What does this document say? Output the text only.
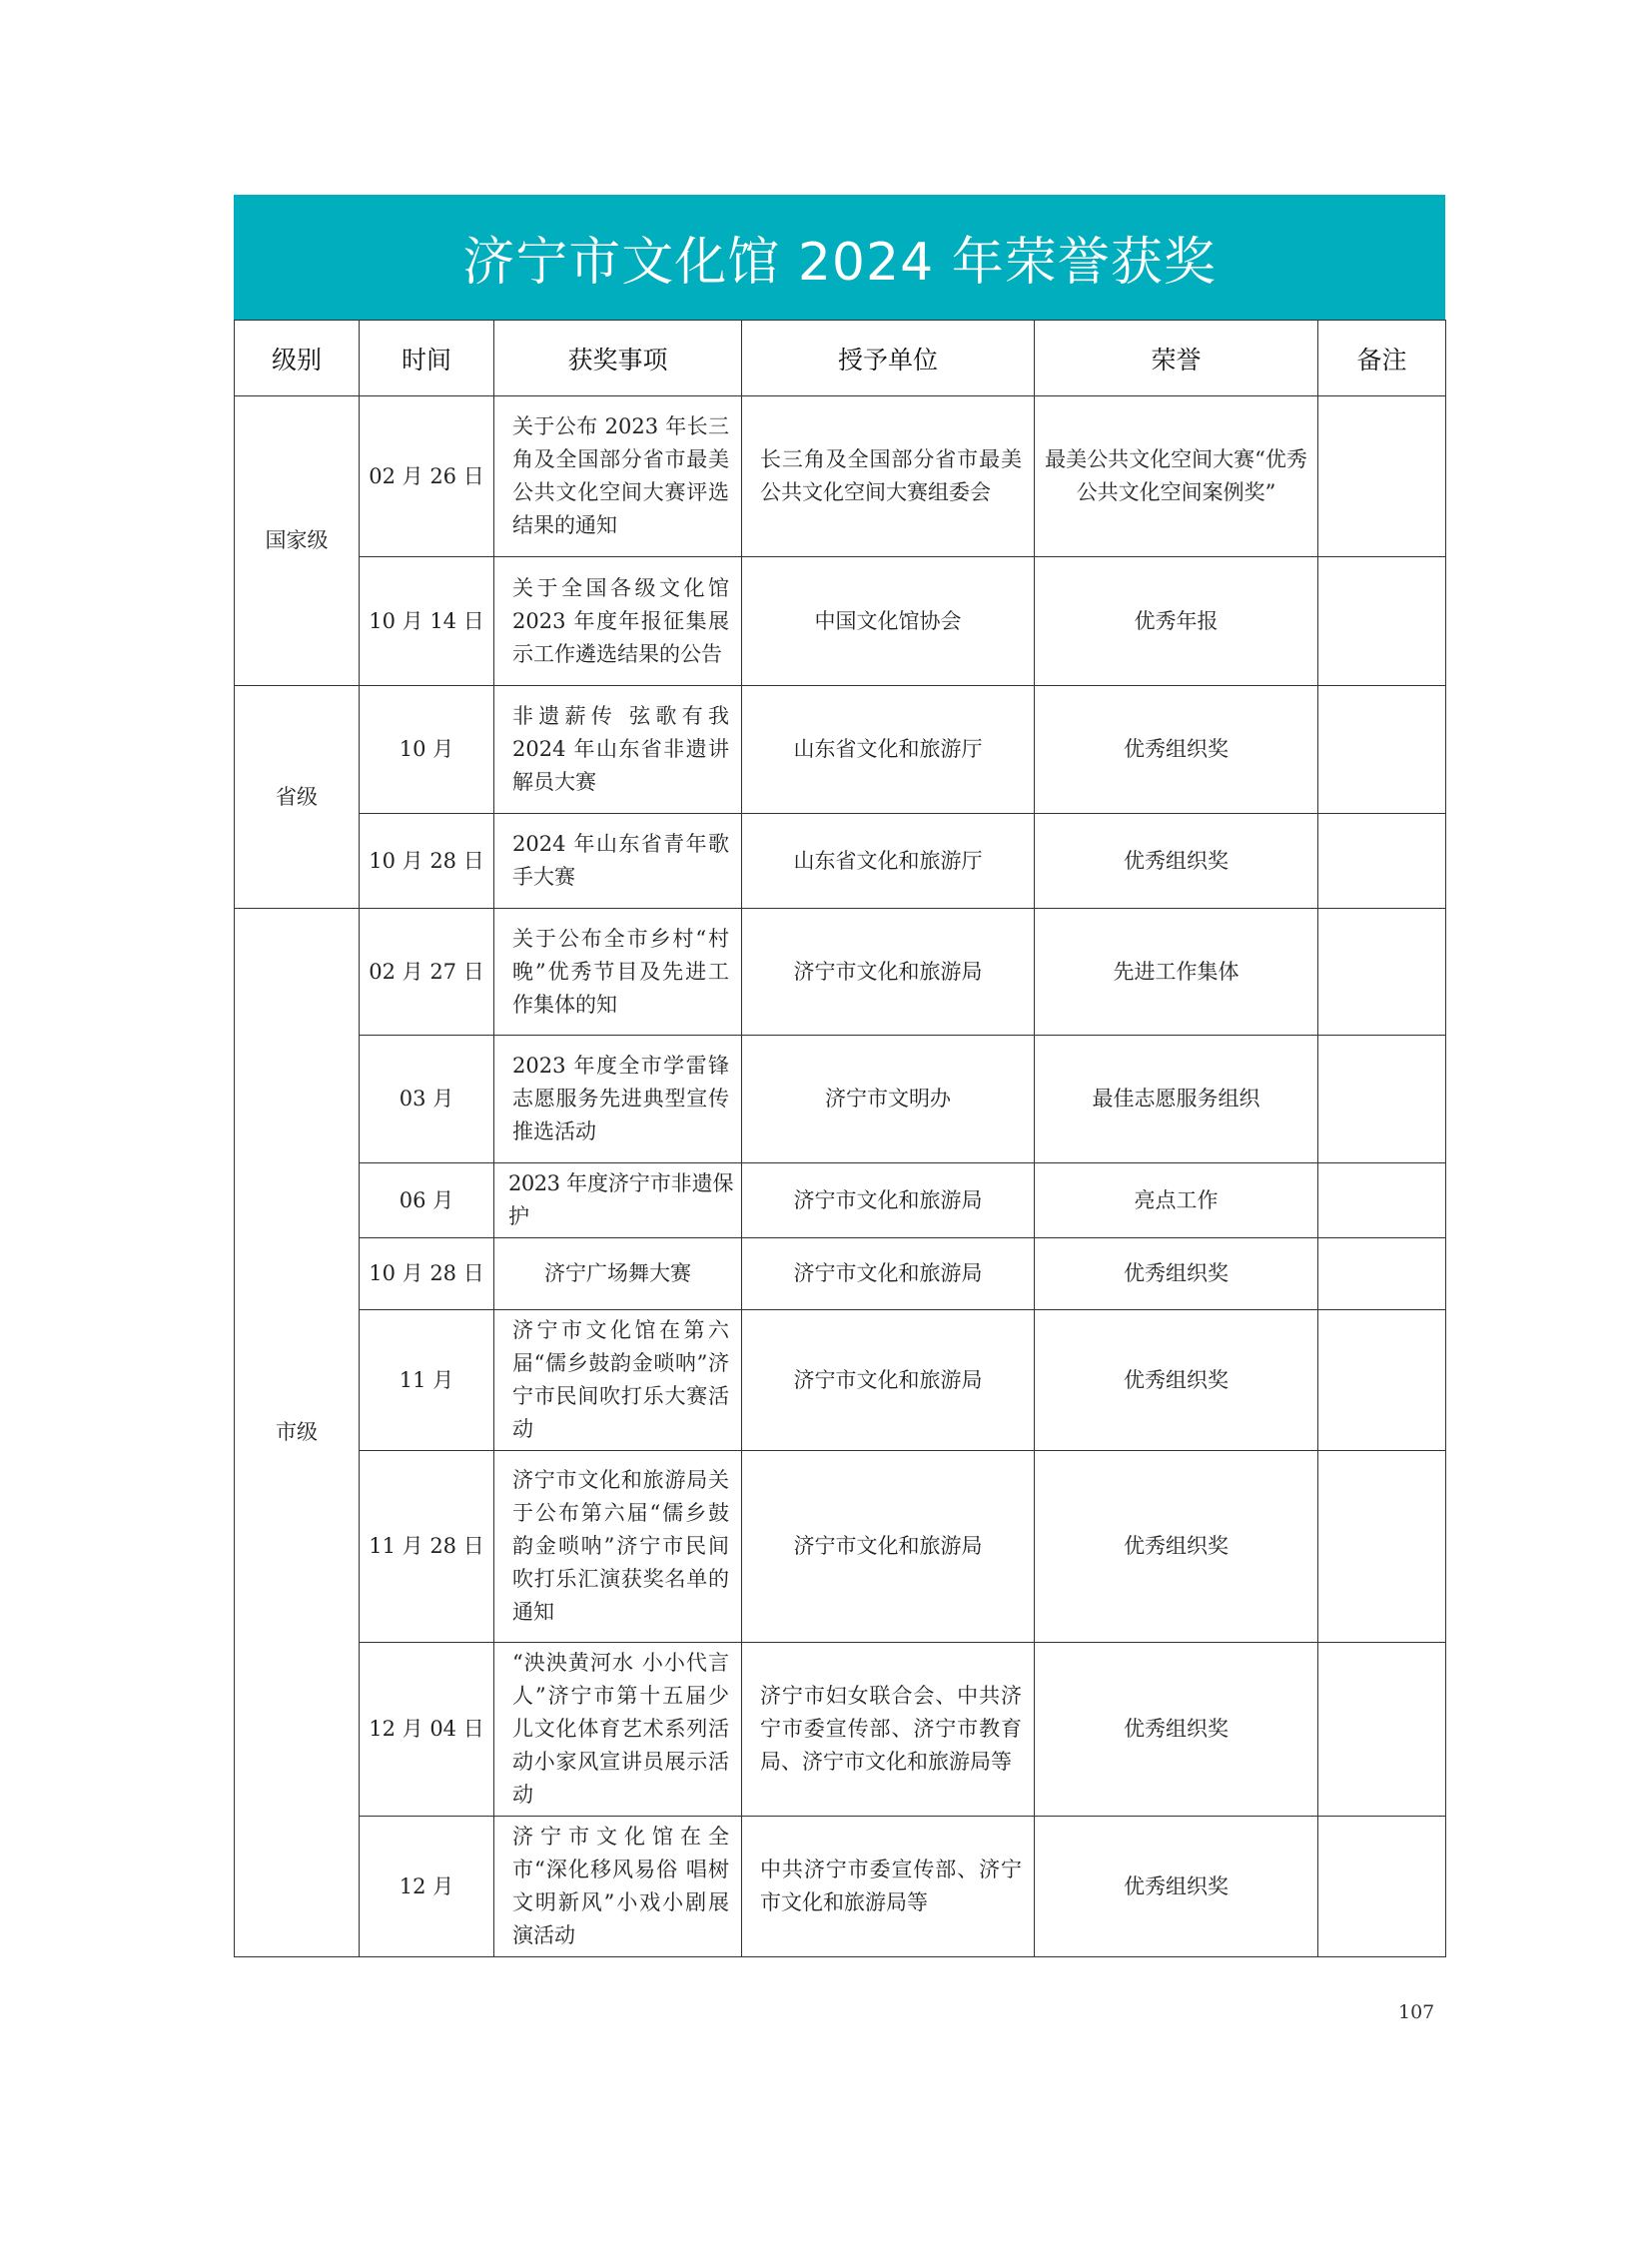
济宁市文化馆 2024 年荣誉获奖
级别	时间	获奖事项	授予单位	荣誉	备注
国家级	02 月 26 日	关于公布 2023 年长三角及全国部分省市最美公共文化空间大赛评选结果的通知	长三角及全国部分省市最美公共文化空间大赛组委会	最美公共文化空间大赛“优秀公共文化空间案例奖”	
	10 月 14 日	关于全国各级文化馆 2023 年度年报征集展示工作遴选结果的公告	中国文化馆协会	优秀年报	
省级	10 月	非遗薪传 弦歌有我 2024 年山东省非遗讲解员大赛	山东省文化和旅游厅	优秀组织奖	
	10 月 28 日	2024 年山东省青年歌手大赛	山东省文化和旅游厅	优秀组织奖	
市级	02 月 27 日	关于公布全市乡村“村晚”优秀节目及先进工作集体的知	济宁市文化和旅游局	先进工作集体	
	03 月	2023 年度全市学雷锋志愿服务先进典型宣传推选活动	济宁市文明办	最佳志愿服务组织	
	06 月	2023 年度济宁市非遗保护	济宁市文化和旅游局	亮点工作	
	10 月 28 日	济宁广场舞大赛	济宁市文化和旅游局	优秀组织奖	
	11 月	济宁市文化馆在第六届“儒乡鼓韵金唢呐”济宁市民间吹打乐大赛活动	济宁市文化和旅游局	优秀组织奖	
	11 月 28 日	济宁市文化和旅游局关于公布第六届“儒乡鼓韵金唢呐”济宁市民间吹打乐汇演获奖名单的通知	济宁市文化和旅游局	优秀组织奖	
	12 月 04 日	“泱泱黄河水 小小代言人”济宁市第十五届少儿文化体育艺术系列活动小家风宣讲员展示活动	济宁市妇女联合会、中共济宁市委宣传部、济宁市教育局、济宁市文化和旅游局等	优秀组织奖	
	12 月	济宁市文化馆在全市“深化移风易俗 唱树文明新风”小戏小剧展演活动	中共济宁市委宣传部、济宁市文化和旅游局等	优秀组织奖	
107
